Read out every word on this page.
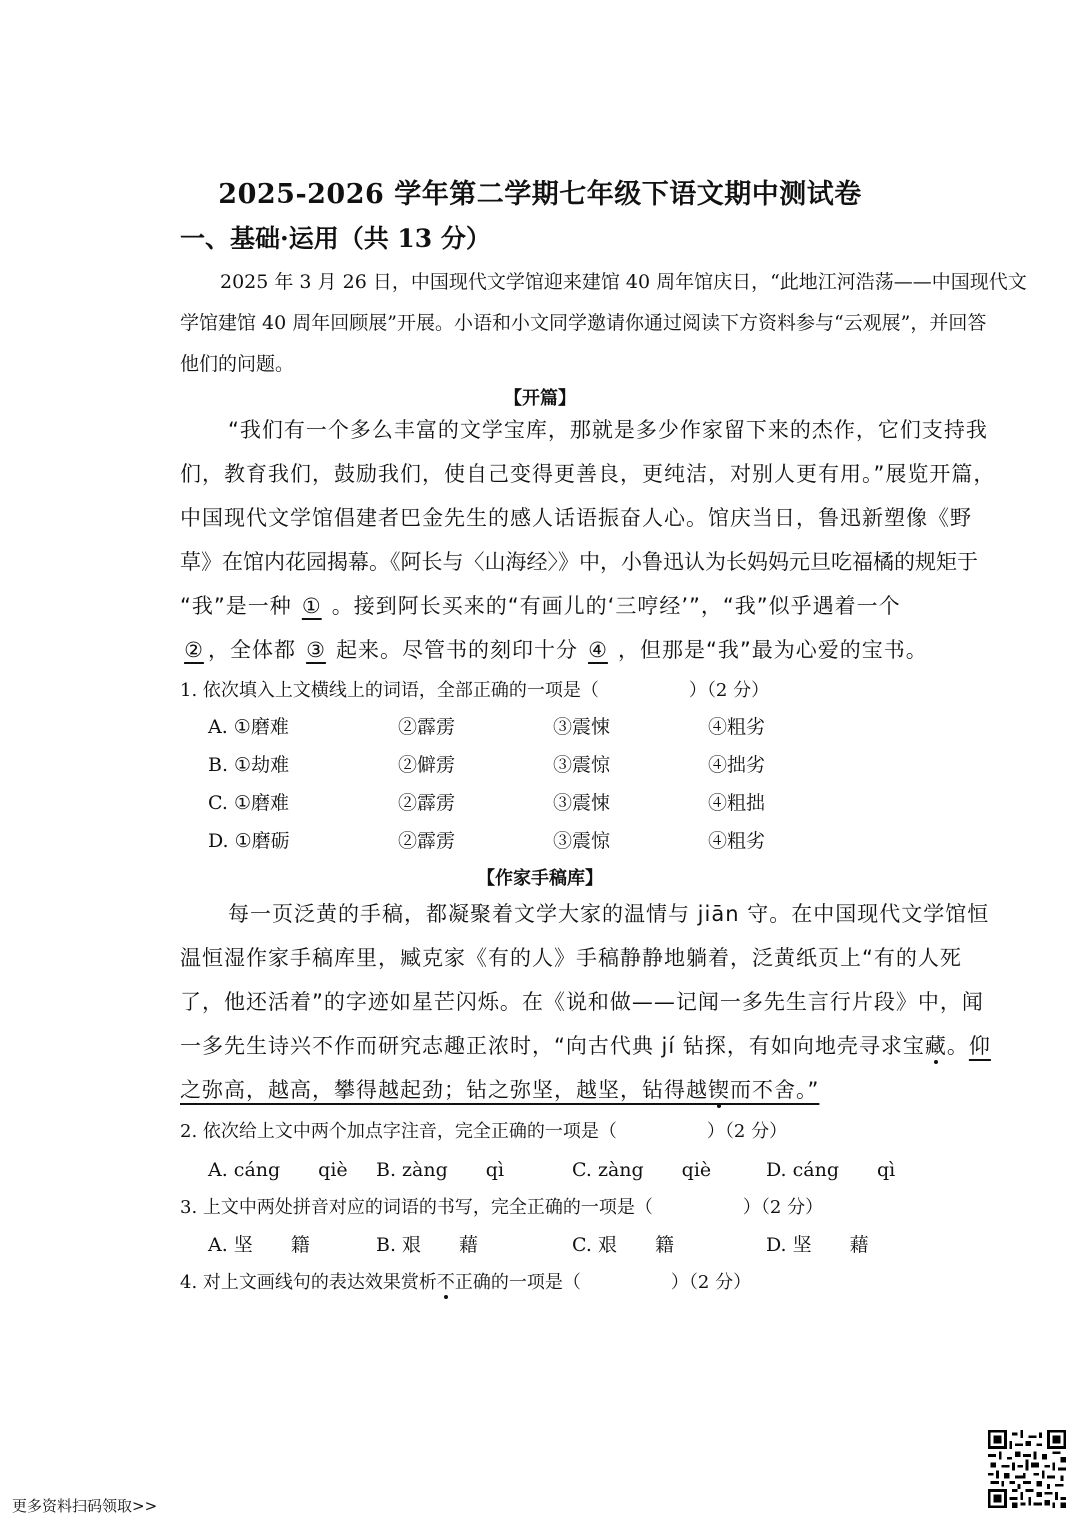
2025-2026 学年第二学期七年级下语文期中测试卷
一、基础·运用（共 13 分）
2025 年 3 月 26 日，中国现代文学馆迎来建馆 40 周年馆庆日，“此地江河浩荡——中国现代文
学馆建馆 40 周年回顾展”开展。小语和小文同学邀请你通过阅读下方资料参与“云观展”，并回答
他们的问题。
【开篇】
“我们有一个多么丰富的文学宝库，那就是多少作家留下来的杰作，它们支持我
们，教育我们，鼓励我们，使自己变得更善良，更纯洁，对别人更有用。”展览开篇，
中国现代文学馆倡建者巴金先生的感人话语振奋人心。馆庆当日，鲁迅新塑像《野
草》在馆内花园揭幕。《阿长与〈山海经〉》中，小鲁迅认为长妈妈元旦吃福橘的规矩于
“我”是一种 ① 。接到阿长买来的“有画儿的‘三哼经’”，“我”似乎遇着一个
② ，全体都 ③ 起来。尽管书的刻印十分 ④ ，但那是“我”最为心爱的宝书。
1. 依次填入上文横线上的词语，全部正确的一项是（　　　　　）（2 分）
A. ①磨难	②霹雳	③震悚	④粗劣
B. ①劫难	②僻雳	③震惊	④拙劣
C. ①磨难	②霹雳	③震悚	④粗拙
D. ①磨砺	②霹雳	③震惊	④粗劣
【作家手稿库】
每一页泛黄的手稿，都凝聚着文学大家的温情与 jiān 守。在中国现代文学馆恒
温恒湿作家手稿库里，臧克家《有的人》手稿静静地躺着，泛黄纸页上“有的人死
了，他还活着”的字迹如星芒闪烁。在《说和做——记闻一多先生言行片段》中，闻
一多先生诗兴不作而研究志趣正浓时，“向古代典 jí 钻探，有如向地壳寻求宝藏。仰
之弥高，越高，攀得越起劲；钻之弥坚，越坚，钻得越锲而不舍。”
2. 依次给上文中两个加点字注音，完全正确的一项是（　　　　　）（2 分）
A. cáng　　qiè B. zàng　　qì	C. zàng　　qiè	D. cáng　　qì
3. 上文中两处拼音对应的词语的书写，完全正确的一项是（　　　　　）（2 分）
A. 坚　　籍	B. 艰　　藉	C. 艰　　籍	D. 坚　　藉
4. 对上文画线句的表达效果赏析不正确的一项是（　　　　　）（2 分）
更多资料扫码领取>>
